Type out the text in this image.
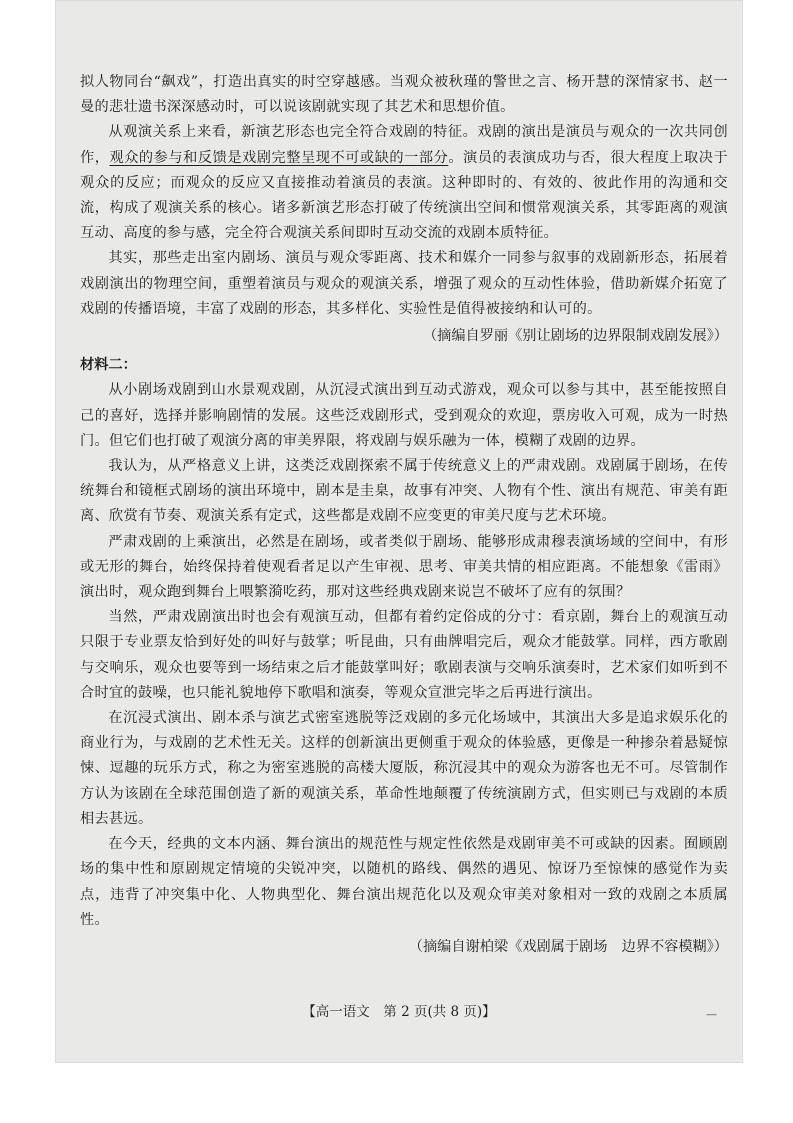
拟人物同台“飙戏”，打造出真实的时空穿越感。当观众被秋瑾的警世之言、杨开慧的深情家书、赵一曼的悲壮遗书深深感动时，可以说该剧就实现了其艺术和思想价值。

从观演关系上来看，新演艺形态也完全符合戏剧的特征。戏剧的演出是演员与观众的一次共同创作，观众的参与和反馈是戏剧完整呈现不可或缺的一部分。演员的表演成功与否，很大程度上取决于观众的反应；而观众的反应又直接推动着演员的表演。这种即时的、有效的、彼此作用的沟通和交流，构成了观演关系的核心。诸多新演艺形态打破了传统演出空间和惯常观演关系，其零距离的观演互动、高度的参与感，完全符合观演关系间即时互动交流的戏剧本质特征。

其实，那些走出室内剧场、演员与观众零距离、技术和媒介一同参与叙事的戏剧新形态，拓展着戏剧演出的物理空间，重塑着演员与观众的观演关系，增强了观众的互动性体验，借助新媒介拓宽了戏剧的传播语境，丰富了戏剧的形态，其多样化、实验性是值得被接纳和认可的。

（摘编自罗丽《别让剧场的边界限制戏剧发展》）
材料二：

从小剧场戏剧到山水景观戏剧，从沉浸式演出到互动式游戏，观众可以参与其中，甚至能按照自己的喜好，选择并影响剧情的发展。这些泛戏剧形式，受到观众的欢迎，票房收入可观，成为一时热门。但它们也打破了观演分离的审美界限，将戏剧与娱乐融为一体，模糊了戏剧的边界。

我认为，从严格意义上讲，这类泛戏剧探索不属于传统意义上的严肃戏剧。戏剧属于剧场，在传统舞台和镜框式剧场的演出环境中，剧本是圭臬，故事有冲突、人物有个性、演出有规范、审美有距离、欣赏有节奏、观演关系有定式，这些都是戏剧不应变更的审美尺度与艺术环境。

严肃戏剧的上乘演出，必然是在剧场，或者类似于剧场、能够形成肃穆表演场域的空间中，有形或无形的舞台，始终保持着使观看者足以产生审视、思考、审美共情的相应距离。不能想象《雷雨》演出时，观众跑到舞台上喂繁漪吃药，那对这些经典戏剧来说岂不破坏了应有的氛围？

当然，严肃戏剧演出时也会有观演互动，但都有着约定俗成的分寸：看京剧，舞台上的观演互动只限于专业票友恰到好处的叫好与鼓掌；听昆曲，只有曲牌唱完后，观众才能鼓掌。同样，西方歌剧与交响乐，观众也要等到一场结束之后才能鼓掌叫好；歌剧表演与交响乐演奏时，艺术家们如听到不合时宜的鼓噪，也只能礼貌地停下歌唱和演奏，等观众宣泄完毕之后再进行演出。

在沉浸式演出、剧本杀与演艺式密室逃脱等泛戏剧的多元化场域中，其演出大多是追求娱乐化的商业行为，与戏剧的艺术性无关。这样的创新演出更侧重于观众的体验感，更像是一种掺杂着悬疑惊悚、逗趣的玩乐方式，称之为密室逃脱的高楼大厦版，称沉浸其中的观众为游客也无不可。尽管制作方认为该剧在全球范围创造了新的观演关系，革命性地颠覆了传统演剧方式，但实则已与戏剧的本质相去甚远。

在今天，经典的文本内涵、舞台演出的规范性与规定性依然是戏剧审美不可或缺的因素。囿顾剧场的集中性和原剧规定情境的尖锐冲突，以随机的路线、偶然的遇见、惊讶乃至惊悚的感觉作为卖点，违背了冲突集中化、人物典型化、舞台演出规范化以及观众审美对象相对一致的戏剧之本质属性。

（摘编自谢柏梁《戏剧属于剧场　边界不容模糊》）
【高一语文　第 2 页(共 8 页)】	—
